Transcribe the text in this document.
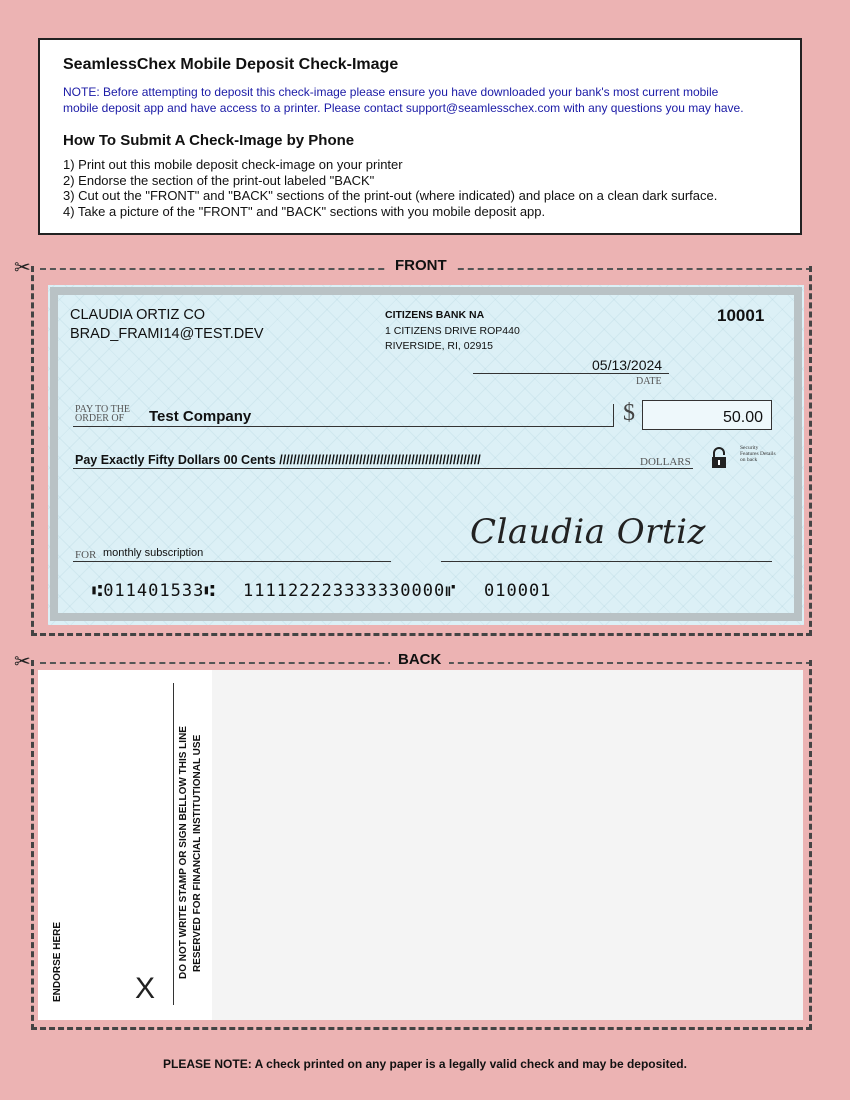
SeamlessChex Mobile Deposit Check-Image
NOTE: Before attempting to deposit this check-image please ensure you have downloaded your bank's most current mobile
mobile deposit app and have access to a printer. Please contact support@seamlesschex.com with any questions you may have.
How To Submit A Check-Image by Phone
1) Print out this mobile deposit check-image on your printer
2) Endorse the section of the print-out labeled "BACK"
3) Cut out the "FRONT" and "BACK" sections of the print-out (where indicated) and place on a clean dark surface.
4) Take a picture of the "FRONT" and "BACK" sections with you mobile deposit app.
✂	FRONT
CLAUDIA ORTIZ CO
BRAD_FRAMI14@TEST.DEV
CITIZENS BANK NA
1 CITIZENS DRIVE ROP440
RIVERSIDE, RI, 02915
10001
05/13/2024
DATE
PAY TO THE
ORDER OF	Test Company	$	50.00
Pay Exactly Fifty Dollars 00 Cents //////////////////////////////////////////////////////////	DOLLARS
Security Features Details on back
FOR monthly subscription
Claudia Ortiz
⑆011401533⑆ 111122223333330000⑈ 010001
✂	BACK
ENDORSE HERE X
DO NOT WRITE STAMP OR SIGN BELLOW THIS LINE RESERVED FOR FINANCIAL INSTITUTIONAL USE
PLEASE NOTE: A check printed on any paper is a legally valid check and may be deposited.
